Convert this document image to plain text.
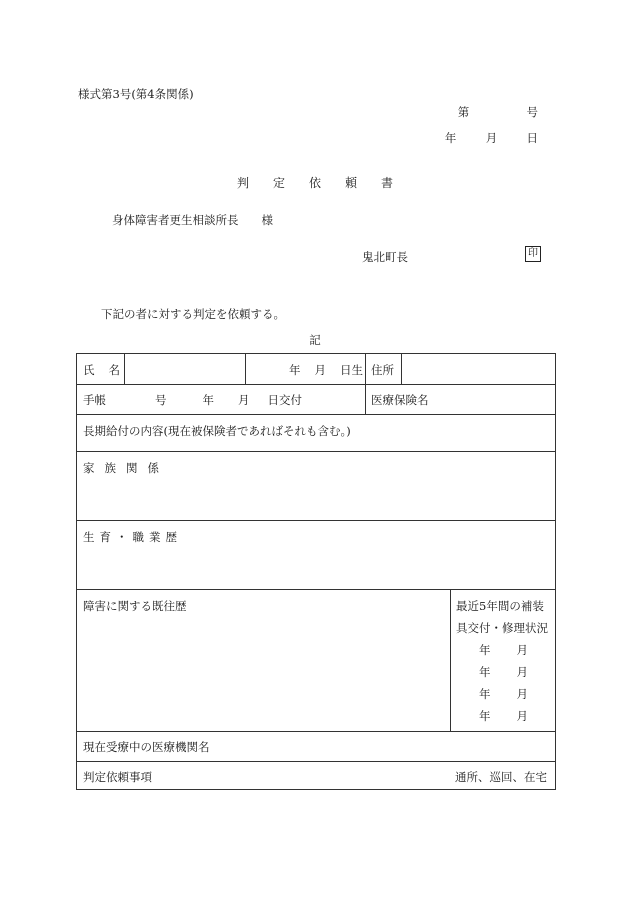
様式第3号(第4条関係)
第	号
年	月	日
判 定 依 頼 書
身体障害者更生相談所長　　様
鬼北町長	印
下記の者に対する判定を依頼する。
記
氏 名	年 月 日生 住所
手帳	号	年 月 日交付	医療保険名
長期給付の内容(現在被保険者であればそれも含む。)
家 族 関 係
生 育 ・ 職 業 歴
障害に関する既往歴	最近5年間の補装
具交付・修理状況
年 月
年 月
年 月
年 月
現在受療中の医療機関名
判定依頼事項	通所、巡回、在宅
